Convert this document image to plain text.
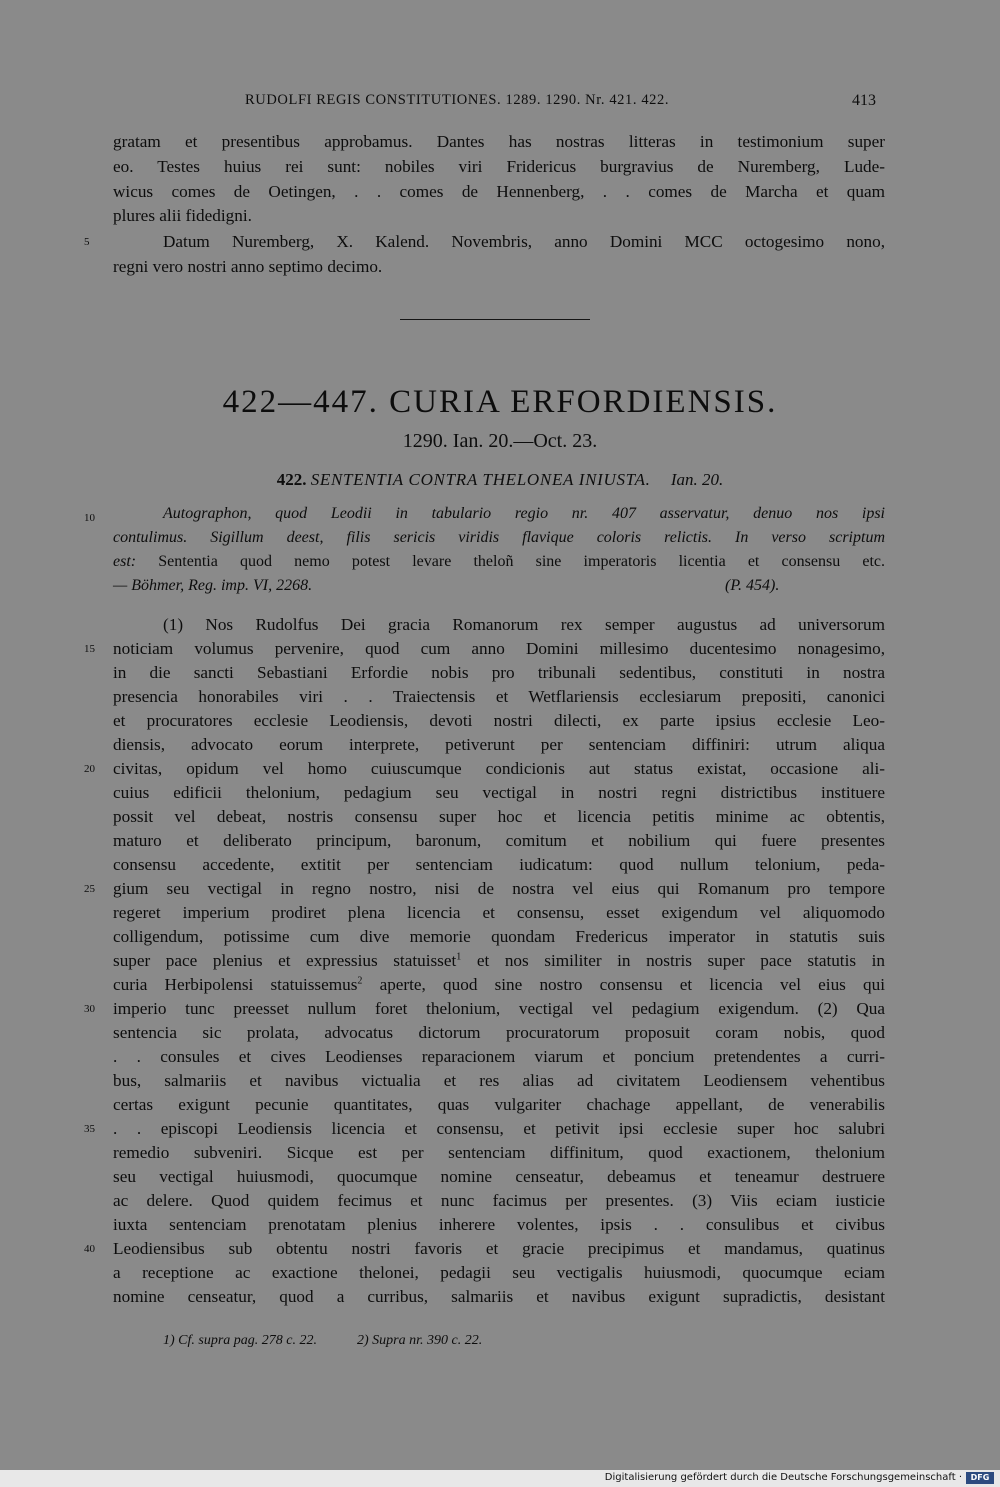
RUDOLFI REGIS CONSTITUTIONES. 1289. 1290. Nr. 421. 422.	413
gratam et presentibus approbamus. Dantes has nostras litteras in testimonium super
eo. Testes huius rei sunt: nobiles viri Fridericus burgravius de Nuremberg, Lude-
wicus comes de Oetingen, . . comes de Hennenberg, . . comes de Marcha et quam
plures alii fidedigni.
5	Datum Nuremberg, X. Kalend. Novembris, anno Domini MCC octogesimo nono,
regni vero nostri anno septimo decimo.
422—447. CURIA ERFORDIENSIS.
1290. Ian. 20.—Oct. 23.
422. SENTENTIA CONTRA THELONEA INIUSTA. Ian. 20.
10	Autographon, quod Leodii in tabulario regio nr. 407 asservatur, denuo nos ipsi
contulimus. Sigillum deest, filis sericis viridis flavique coloris relictis. In verso scriptum
est: Sententia quod nemo potest levare theloñ sine imperatoris licentia et consensu etc.
— Böhmer, Reg. imp. VI, 2268.	(P. 454).
(1) Nos Rudolfus Dei gracia Romanorum rex semper augustus ad universorum
15	noticiam volumus pervenire, quod cum anno Domini millesimo ducentesimo nonagesimo,
in die sancti Sebastiani Erfordie nobis pro tribunali sedentibus, constituti in nostra
presencia honorabiles viri . . Traiectensis et Wetflariensis ecclesiarum prepositi, canonici
et procuratores ecclesie Leodiensis, devoti nostri dilecti, ex parte ipsius ecclesie Leo-
diensis, advocato eorum interprete, petiverunt per sentenciam diffiniri: utrum aliqua
20	civitas, opidum vel homo cuiuscumque condicionis aut status existat, occasione ali-
cuius edificii thelonium, pedagium seu vectigal in nostri regni districtibus instituere
possit vel debeat, nostris consensu super hoc et licencia petitis minime ac obtentis,
maturo et deliberato principum, baronum, comitum et nobilium qui fuere presentes
consensu accedente, extitit per sentenciam iudicatum: quod nullum telonium, peda-
25	gium seu vectigal in regno nostro, nisi de nostra vel eius qui Romanum pro tempore
regeret imperium prodiret plena licencia et consensu, esset exigendum vel aliquomodo
colligendum, potissime cum dive memorie quondam Fredericus imperator in statutis suis
super pace plenius et expressius statuisset$^1$ et nos similiter in nostris super pace statutis in
curia Herbipolensi statuissemus$^2$ aperte, quod sine nostro consensu et licencia vel eius qui
30	imperio tunc preesset nullum foret thelonium, vectigal vel pedagium exigendum. (2) Qua
sentencia sic prolata, advocatus dictorum procuratorum proposuit coram nobis, quod
. . consules et cives Leodienses reparacionem viarum et poncium pretendentes a curri-
bus, salmariis et navibus victualia et res alias ad civitatem Leodiensem vehentibus
certas exigunt pecunie quantitates, quas vulgariter chachage appellant, de venerabilis
35	. . episcopi Leodiensis licencia et consensu, et petivit ipsi ecclesie super hoc salubri
remedio subveniri. Sicque est per sentenciam diffinitum, quod exactionem, thelonium
seu vectigal huiusmodi, quocumque nomine censeatur, debeamus et teneamur destruere
ac delere. Quod quidem fecimus et nunc facimus per presentes. (3) Viis eciam iusticie
iuxta sentenciam prenotatam plenius inherere volentes, ipsis . . consulibus et civibus
40	Leodiensibus sub obtentu nostri favoris et gracie precipimus et mandamus, quatinus
a receptione ac exactione thelonei, pedagii seu vectigalis huiusmodi, quocumque eciam
nomine censeatur, quod a curribus, salmariis et navibus exigunt supradictis, desistant
1) Cf. supra pag. 278 c. 22.	2) Supra nr. 390 c. 22.
Digitalisierung gefördert durch die Deutsche Forschungsgemeinschaft ·	DFG
